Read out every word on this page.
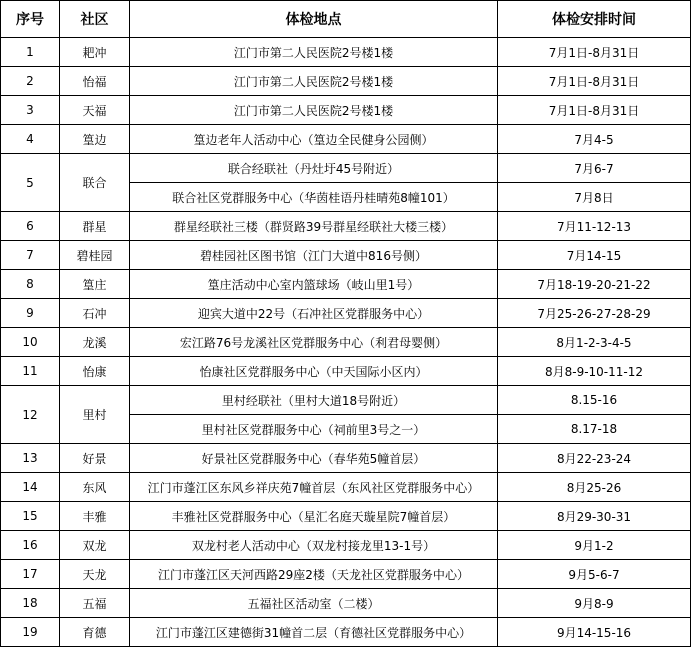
序号	社区	体检地点	体检安排时间
1	耙冲	江门市第二人民医院2号楼1楼	7月1日-8月31日
2	怡福	江门市第二人民医院2号楼1楼	7月1日-8月31日
3	天福	江门市第二人民医院2号楼1楼	7月1日-8月31日
4	篁边	篁边老年人活动中心（篁边全民健身公园侧）	7月4-5
5	联合	联合经联社（丹灶圩45号附近）	7月6-7
		联合社区党群服务中心（华茵桂语丹桂晴苑8幢101）	7月8日
6	群星	群星经联社三楼（群贤路39号群星经联社大楼三楼）	7月11-12-13
7	碧桂园	碧桂园社区图书馆（江门大道中816号侧）	7月14-15
8	篁庄	篁庄活动中心室内篮球场（岐山里1号）	7月18-19-20-21-22
9	石冲	迎宾大道中22号（石冲社区党群服务中心）	7月25-26-27-28-29
10	龙溪	宏江路76号龙溪社区党群服务中心（利君母婴侧）	8月1-2-3-4-5
11	怡康	怡康社区党群服务中心（中天国际小区内）	8月8-9-10-11-12
12	里村	里村经联社（里村大道18号附近）	8.15-16
		里村社区党群服务中心（祠前里3号之一）	8.17-18
13	好景	好景社区党群服务中心（春华苑5幢首层）	8月22-23-24
14	东风	江门市蓬江区东风乡祥庆苑7幢首层（东风社区党群服务中心）	8月25-26
15	丰雅	丰雅社区党群服务中心（星汇名庭天璇星院7幢首层）	8月29-30-31
16	双龙	双龙村老人活动中心（双龙村接龙里13-1号）	9月1-2
17	天龙	江门市蓬江区天河西路29座2楼（天龙社区党群服务中心）	9月5-6-7
18	五福	五福社区活动室（二楼）	9月8-9
19	育德	江门市蓬江区建德街31幢首二层（育德社区党群服务中心）	9月14-15-16
